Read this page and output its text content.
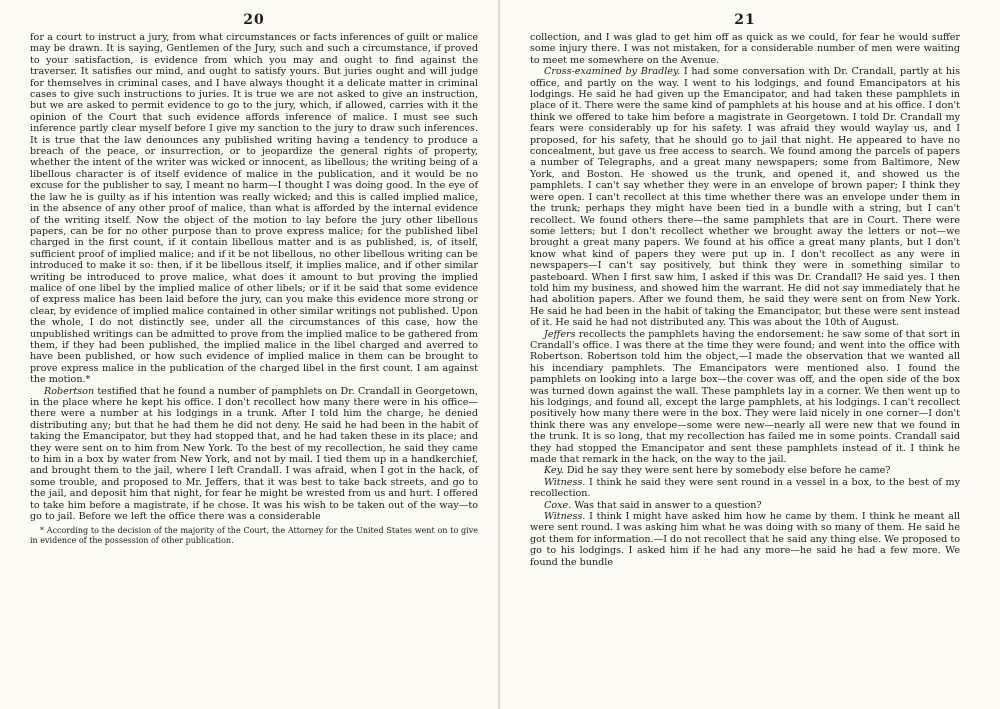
20

for a court to instruct a jury, from what circumstances or facts inferences of guilt or malice may be drawn. It is saying, Gentlemen of the Jury, such and such a circumstance, if proved to your satisfaction, is evidence from which you may and ought to find against the traverser. It satisfies our mind, and ought to satisfy yours. But juries ought and will judge for themselves in criminal cases, and I have always thought it a delicate matter in criminal cases to give such instructions to juries. It is true we are not asked to give an instruction, but we are asked to permit evidence to go to the jury, which, if allowed, carries with it the opinion of the Court that such evidence affords inference of malice. I must see such inference partly clear myself before I give my sanction to the jury to draw such inferences. It is true that the law denounces any published writing having a tendency to produce a breach of the peace, or insurrection, or to jeopardize the general rights of property, whether the intent of the writer was wicked or innocent, as libellous; the writing being of a libellous character is of itself evidence of malice in the publication, and it would be no excuse for the publisher to say, I meant no harm—I thought I was doing good. In the eye of the law he is guilty as if his intention was really wicked; and this is called implied malice, in the absence of any other proof of malice, than what is afforded by the internal evidence of the writing itself. Now the object of the motion to lay before the jury other libellous papers, can be for no other purpose than to prove express malice; for the published libel charged in the first count, if it contain libellous matter and is as published, is, of itself, sufficient proof of implied malice; and if it be not libellous, no other libellous writing can be introduced to make it so: then, if it be libellous itself, it implies malice, and if other similar writing be introduced to prove malice, what does it amount to but proving the implied malice of one libel by the implied malice of other libels; or if it be said that some evidence of express malice has been laid before the jury, can you make this evidence more strong or clear, by evidence of implied malice contained in other similar writings not published. Upon the whole, I do not distinctly see, under all the circumstances of this case, how the unpublished writings can be admitted to prove from the implied malice to be gathered from them, if they had been published, the implied malice in the libel charged and averred to have been published, or how such evidence of implied malice in them can be brought to prove express malice in the publication of the charged libel in the first count. I am against the motion.*

Robertson testified that he found a number of pamphlets on Dr. Crandall in Georgetown, in the place where he kept his office. I don't recollect how many there were in his office—there were a number at his lodgings in a trunk. After I told him the charge, he denied distributing any; but that he had them he did not deny. He said he had been in the habit of taking the Emancipator, but they had stopped that, and he had taken these in its place; and they were sent on to him from New York. To the best of my recollection, he said they came to him in a box by water from New York, and not by mail. I tied them up in a handkerchief, and brought them to the jail, where I left Crandall. I was afraid, when I got in the hack, of some trouble, and proposed to Mr. Jeffers, that it was best to take back streets, and go to the jail, and deposit him that night, for fear he might be wrested from us and hurt. I offered to take him before a magistrate, if he chose. It was his wish to be taken out of the way—to go to jail. Before we left the office there was a considerable

* According to the decision of the majority of the Court, the Attorney for the United States went on to give in evidence of the possession of other publication.
21

collection, and I was glad to get him off as quick as we could, for fear he would suffer some injury there. I was not mistaken, for a considerable number of men were waiting to meet me somewhere on the Avenue.

Cross-examined by Bradley. I had some conversation with Dr. Crandall, partly at his office, and partly on the way. I went to his lodgings, and found Emancipators at his lodgings. He said he had given up the Emancipator, and had taken these pamphlets in place of it. There were the same kind of pamphlets at his house and at his office. I don't think we offered to take him before a magistrate in Georgetown. I told Dr. Crandall my fears were considerably up for his safety. I was afraid they would waylay us, and I proposed, for his safety, that he should go to jail that night. He appeared to have no concealment, but gave us free access to search. We found among the parcels of papers a number of Telegraphs, and a great many newspapers; some from Baltimore, New York, and Boston. He showed us the trunk, and opened it, and showed us the pamphlets. I can't say whether they were in an envelope of brown paper; I think they were open. I can't recollect at this time whether there was an envelope under them in the trunk; perhaps they might have been tied in a bundle with a string, but I can't recollect. We found others there—the same pamphlets that are in Court. There were some letters; but I don't recollect whether we brought away the letters or not—we brought a great many papers. We found at his office a great many plants, but I don't know what kind of papers they were put up in. I don't recollect as any were in newspapers—I can't say positively, but think they were in something similar to pasteboard. When I first saw him, I asked if this was Dr. Crandall? He said yes. I then told him my business, and showed him the warrant. He did not say immediately that he had abolition papers. After we found them, he said they were sent on from New York. He said he had been in the habit of taking the Emancipator, but these were sent instead of it. He said he had not distributed any. This was about the 10th of August.

Jeffers recollects the pamphlets having the endorsement: he saw some of that sort in Crandall's office. I was there at the time they were found; and went into the office with Robertson. Robertson told him the object,—I made the observation that we wanted all his incendiary pamphlets. The Emancipators were mentioned also. I found the pamphlets on looking into a large box—the cover was off, and the open side of the box was turned down against the wall. These pamphlets lay in a corner. We then went up to his lodgings, and found all, except the large pamphlets, at his lodgings. I can't recollect positively how many there were in the box. They were laid nicely in one corner—I don't think there was any envelope—some were new—nearly all were new that we found in the trunk. It is so long, that my recollection has failed me in some points. Crandall said they had stopped the Emancipator and sent these pamphlets instead of it. I think he made that remark in the hack, on the way to the jail.

Key. Did he say they were sent here by somebody else before he came?

Witness. I think he said they were sent round in a vessel in a box, to the best of my recollection.

Coxe. Was that said in answer to a question?

Witness. I think I might have asked him how he came by them. I think he meant all were sent round. I was asking him what he was doing with so many of them. He said he got them for information.—I do not recollect that he said any thing else. We proposed to go to his lodgings. I asked him if he had any more—he said he had a few more. We found the bundle
